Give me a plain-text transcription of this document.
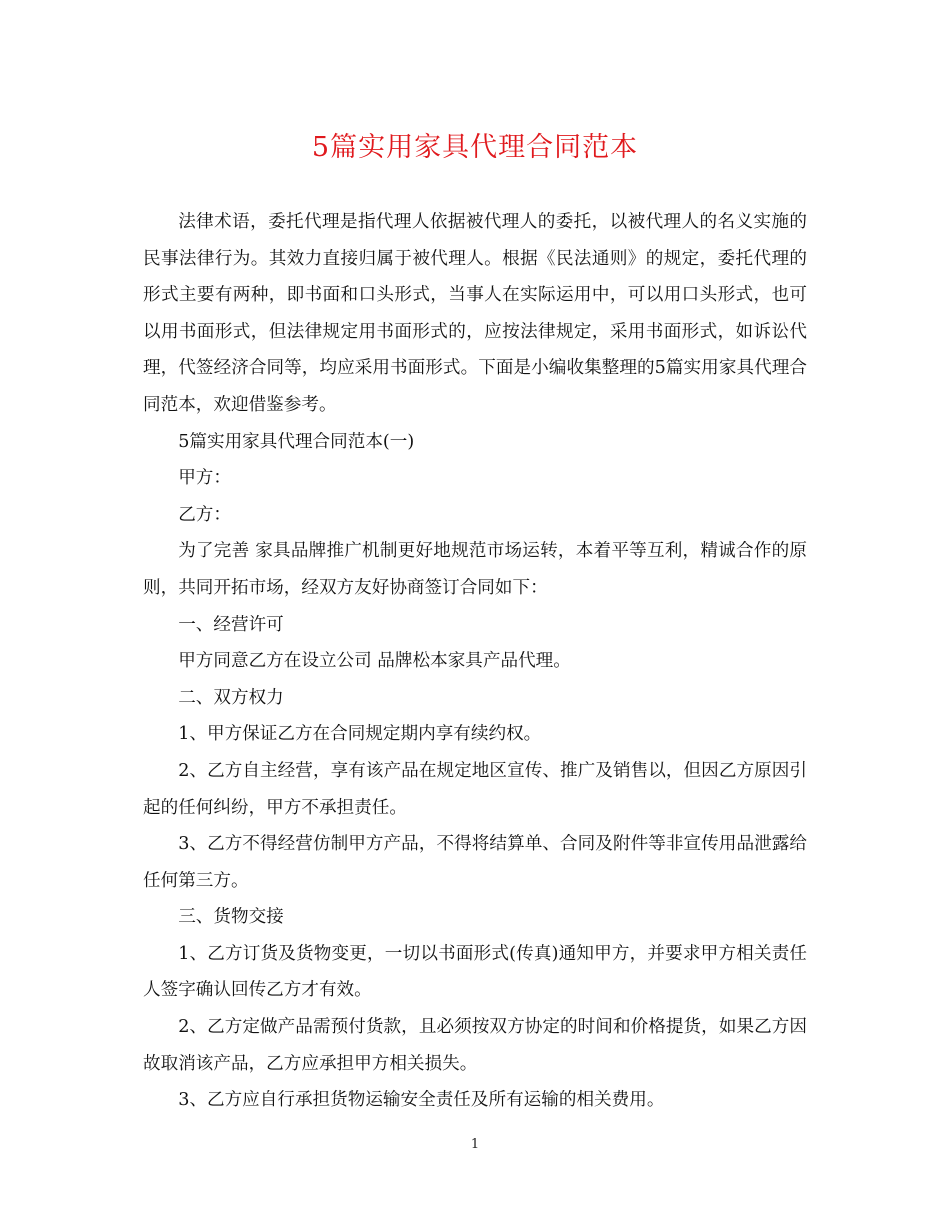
5篇实用家具代理合同范本

法律术语，委托代理是指代理人依据被代理人的委托，以被代理人的名义实施的民事法律行为。其效力直接归属于被代理人。根据《民法通则》的规定，委托代理的形式主要有两种，即书面和口头形式，当事人在实际运用中，可以用口头形式，也可以用书面形式，但法律规定用书面形式的，应按法律规定，采用书面形式，如诉讼代理，代签经济合同等，均应采用书面形式。下面是小编收集整理的5篇实用家具代理合同范本，欢迎借鉴参考。

5篇实用家具代理合同范本(一)

甲方：

乙方：

为了完善 家具品牌推广机制更好地规范市场运转，本着平等互利，精诚合作的原则，共同开拓市场，经双方友好协商签订合同如下：

一、经营许可

甲方同意乙方在设立公司 品牌松本家具产品代理。

二、双方权力

1、甲方保证乙方在合同规定期内享有续约权。

2、乙方自主经营，享有该产品在规定地区宣传、推广及销售以，但因乙方原因引起的任何纠纷，甲方不承担责任。

3、乙方不得经营仿制甲方产品，不得将结算单、合同及附件等非宣传用品泄露给任何第三方。

三、货物交接

1、乙方订货及货物变更，一切以书面形式(传真)通知甲方，并要求甲方相关责任人签字确认回传乙方才有效。

2、乙方定做产品需预付货款，且必须按双方协定的时间和价格提货，如果乙方因故取消该产品，乙方应承担甲方相关损失。

3、乙方应自行承担货物运输安全责任及所有运输的相关费用。

1
